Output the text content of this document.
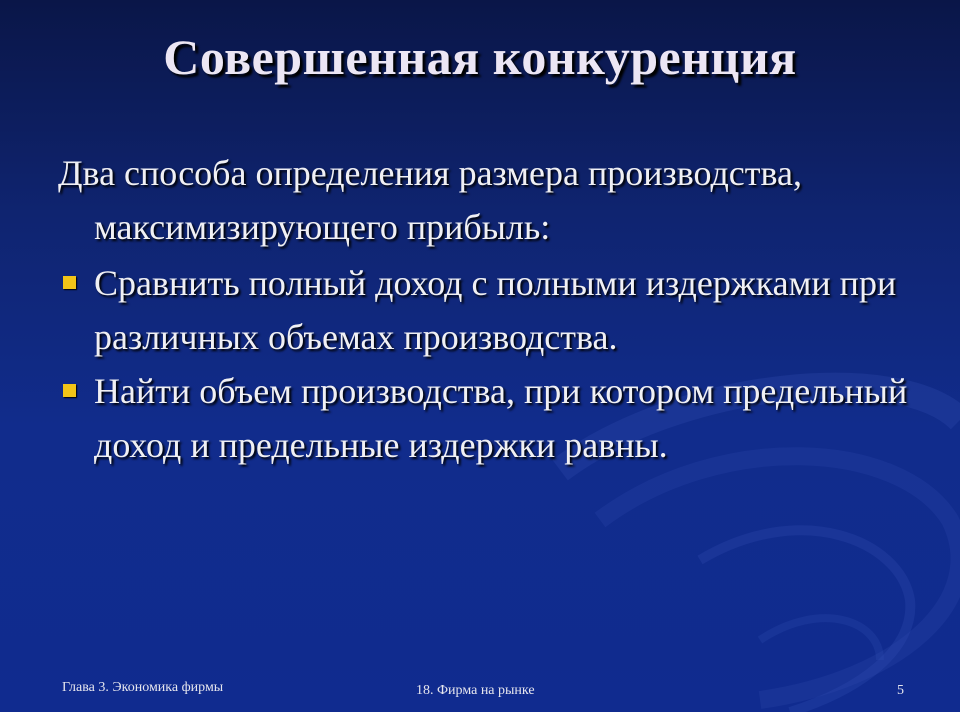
Совершенная конкуренция

Два способа определения размера производства, максимизирующего прибыль:

Сравнить полный доход с полными издержками при различных объемах производства.
Найти объем производства, при котором предельный доход и предельные издержки равны.
Глава 3. Экономика фирмы	18. Фирма на рынке	5
